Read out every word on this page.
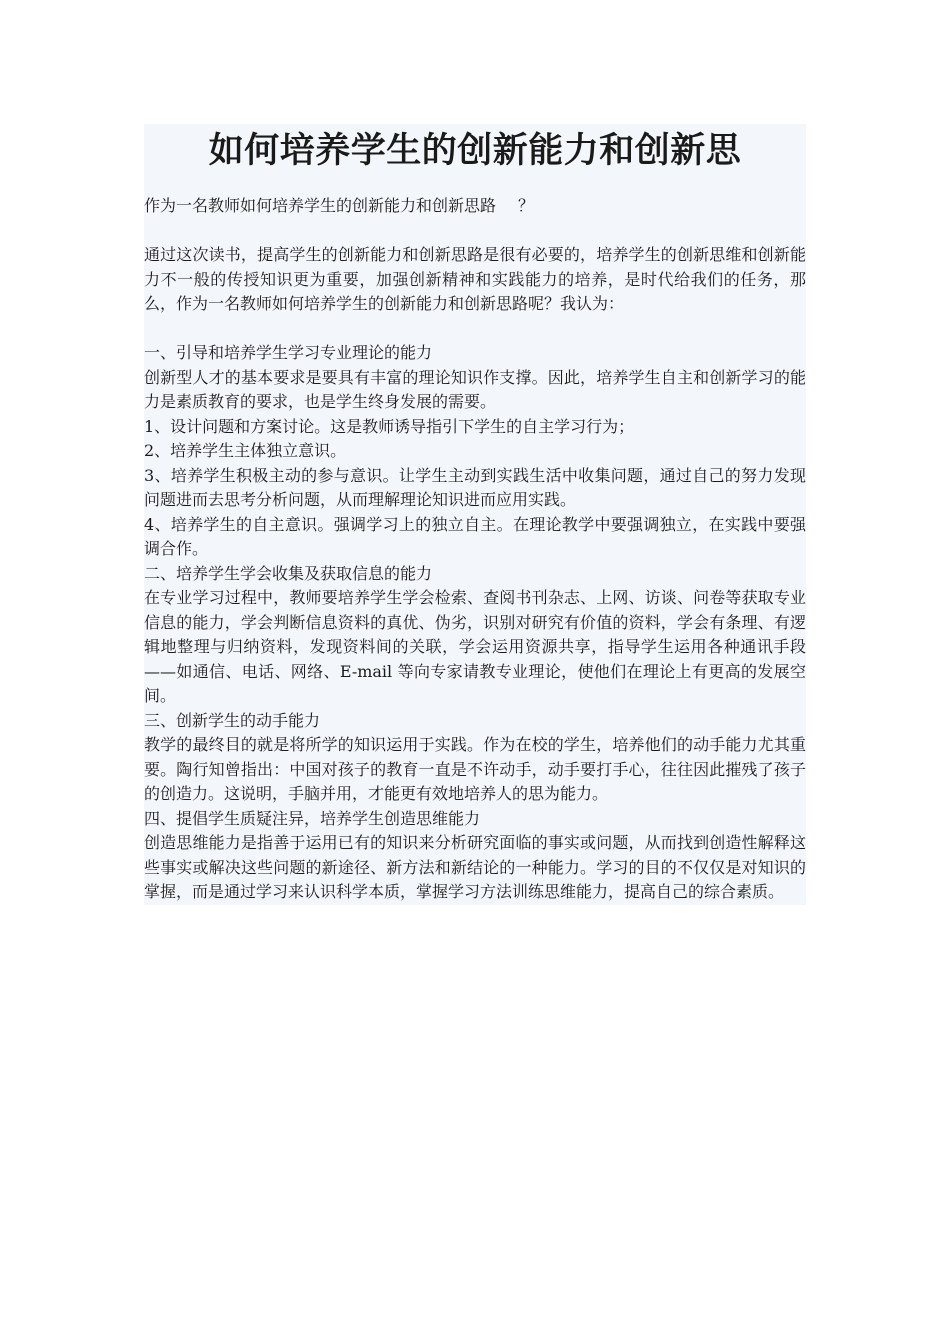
如何培养学生的创新能力和创新思

作为一名教师如何培养学生的创新能力和创新思路 ？

通过这次读书，提高学生的创新能力和创新思路是很有必要的，培养学生的创新思维和创新能力不一般的传授知识更为重要，加强创新精神和实践能力的培养，是时代给我们的任务，那么，作为一名教师如何培养学生的创新能力和创新思路呢？我认为：

一、引导和培养学生学习专业理论的能力

创新型人才的基本要求是要具有丰富的理论知识作支撑。因此，培养学生自主和创新学习的能力是素质教育的要求，也是学生终身发展的需要。

1、设计问题和方案讨论。这是教师诱导指引下学生的自主学习行为；

2、培养学生主体独立意识。

3、培养学生积极主动的参与意识。让学生主动到实践生活中收集问题，通过自己的努力发现问题进而去思考分析问题，从而理解理论知识进而应用实践。

4、培养学生的自主意识。强调学习上的独立自主。在理论教学中要强调独立，在实践中要强调合作。

二、培养学生学会收集及获取信息的能力

在专业学习过程中，教师要培养学生学会检索、查阅书刊杂志、上网、访谈、问卷等获取专业信息的能力，学会判断信息资料的真优、伪劣，识别对研究有价值的资料，学会有条理、有逻辑地整理与归纳资料，发现资料间的关联，学会运用资源共享，指导学生运用各种通讯手段——如通信、电话、网络、E-mail 等向专家请教专业理论，使他们在理论上有更高的发展空间。

三、创新学生的动手能力

教学的最终目的就是将所学的知识运用于实践。作为在校的学生，培养他们的动手能力尤其重要。陶行知曾指出：中国对孩子的教育一直是不许动手，动手要打手心，往往因此摧残了孩子的创造力。这说明，手脑并用，才能更有效地培养人的思为能力。

四、提倡学生质疑注异，培养学生创造思维能力

创造思维能力是指善于运用已有的知识来分析研究面临的事实或问题，从而找到创造性解释这些事实或解决这些问题的新途径、新方法和新结论的一种能力。学习的目的不仅仅是对知识的掌握，而是通过学习来认识科学本质，掌握学习方法训练思维能力，提高自己的综合素质。
